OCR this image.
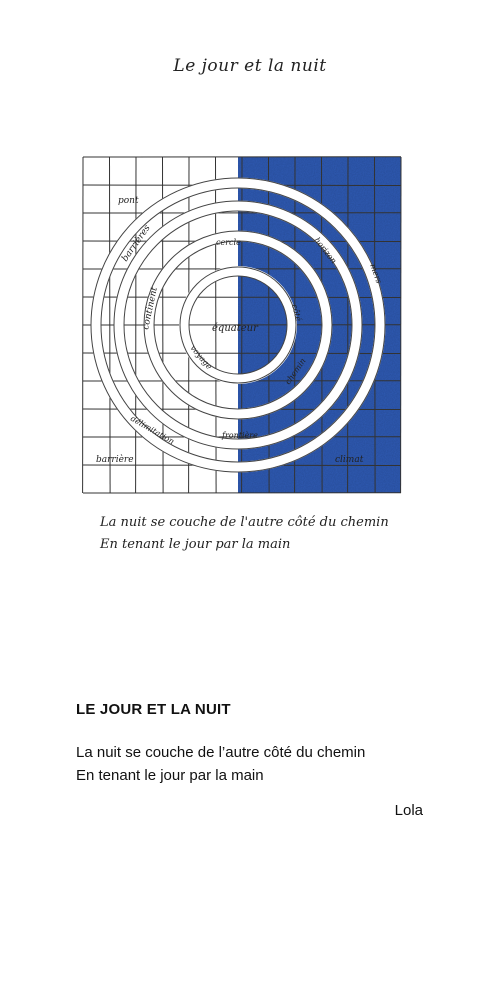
Le jour et la nuit
pont
barrières
continent
cercle
équateur
voyage
frontière
délimitation
barrière
horizon
mers
côté
chemin
climat
La nuit se couche de l'autre côté du chemin
En tenant le jour par la main
LE JOUR ET LA NUIT
La nuit se couche de l’autre côté du chemin
En tenant le jour par la main
Lola
